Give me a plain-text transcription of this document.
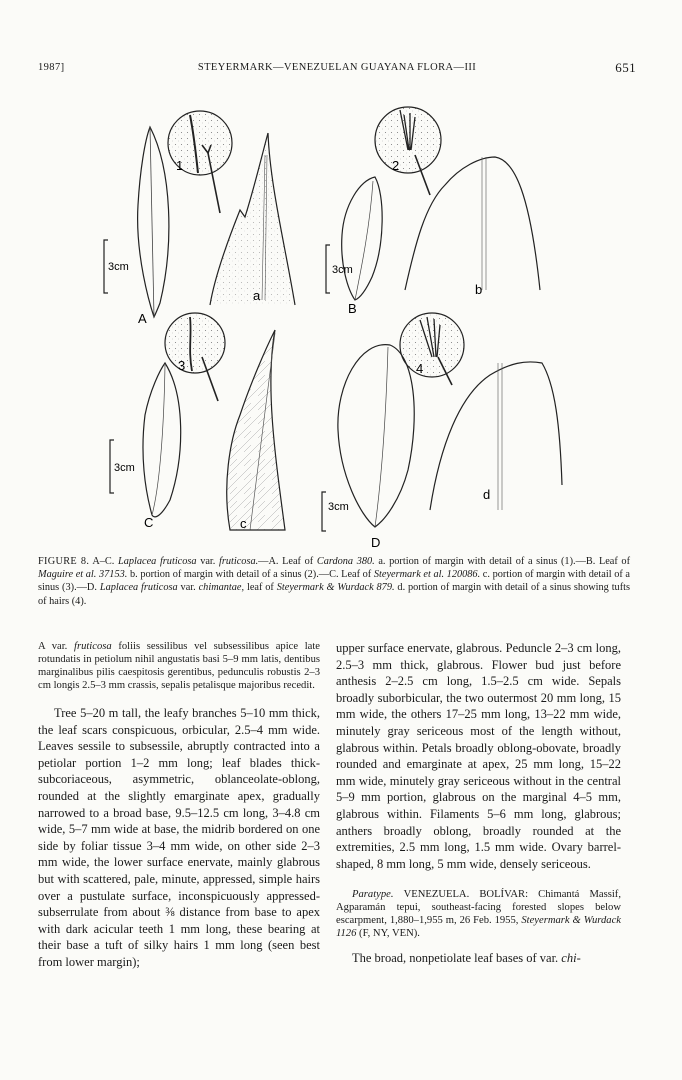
1987]	STEYERMARK—VENEZUELAN GUAYANA FLORA—III	651
3cm
A
a
1
3cm
B
b
2
3cm
C	c
3
3cm
D
d
4
FIGURE 8. A–C. Laplacea fruticosa var. fruticosa.—A. Leaf of Cardona 380. a. portion of margin with detail of a sinus (1).—B. Leaf of Maguire et al. 37153. b. portion of margin with detail of a sinus (2).—C. Leaf of Steyermark et al. 120086. c. portion of margin with detail of a sinus (3).—D. Laplacea fruticosa var. chimantae, leaf of Steyermark & Wurdack 879. d. portion of margin with detail of a sinus showing tufts of hairs (4).

A var. fruticosa foliis sessilibus vel subsessilibus apice late rotundatis in petiolum nihil angustatis basi 5–9 mm latis, dentibus marginalibus pilis caespitosis gerentibus, pedunculis robustis 2–3 cm longis 2.5–3 mm crassis, sepalis petalisque majoribus recedit.

Tree 5–20 m tall, the leafy branches 5–10 mm thick, the leaf scars conspicuous, orbicular, 2.5–4 mm wide. Leaves sessile to subsessile, abruptly contracted into a petiolar portion 1–2 mm long; leaf blades thick-subcoriaceous, asymmetric, oblanceolate-oblong, rounded at the slightly emarginate apex, gradually narrowed to a broad base, 9.5–12.5 cm long, 3–4.8 cm wide, 5–7 mm wide at base, the midrib bordered on one side by foliar tissue 3–4 mm wide, on other side 2–3 mm wide, the lower surface enervate, mainly glabrous but with scattered, pale, minute, appressed, simple hairs over a pustulate surface, inconspicuously appressed-subserrulate from about ⅜ distance from base to apex with dark acicular teeth 1 mm long, these bearing at their base a tuft of silky hairs 1 mm long (seen best from lower margin);

upper surface enervate, glabrous. Peduncle 2–3 cm long, 2.5–3 mm thick, glabrous. Flower bud just before anthesis 2–2.5 cm long, 1.5–2.5 cm wide. Sepals broadly suborbicular, the two outermost 20 mm long, 15 mm wide, the others 17–25 mm long, 13–22 mm wide, minutely gray sericeous most of the length without, glabrous within. Petals broadly oblong-obovate, broadly rounded and emarginate at apex, 25 mm long, 15–22 mm wide, minutely gray sericeous without in the central 5–9 mm portion, glabrous on the marginal 4–5 mm, glabrous within. Filaments 5–6 mm long, glabrous; anthers broadly oblong, broadly rounded at the extremities, 2.5 mm long, 1.5 mm wide. Ovary barrel-shaped, 8 mm long, 5 mm wide, densely sericeous.

Paratype. VENEZUELA. BOLÍVAR: Chimantá Massif, Agparamán tepui, southeast-facing forested slopes below escarpment, 1,880–1,955 m, 26 Feb. 1955, Steyermark & Wurdack 1126 (F, NY, VEN).

The broad, nonpetiolate leaf bases of var. chi-
